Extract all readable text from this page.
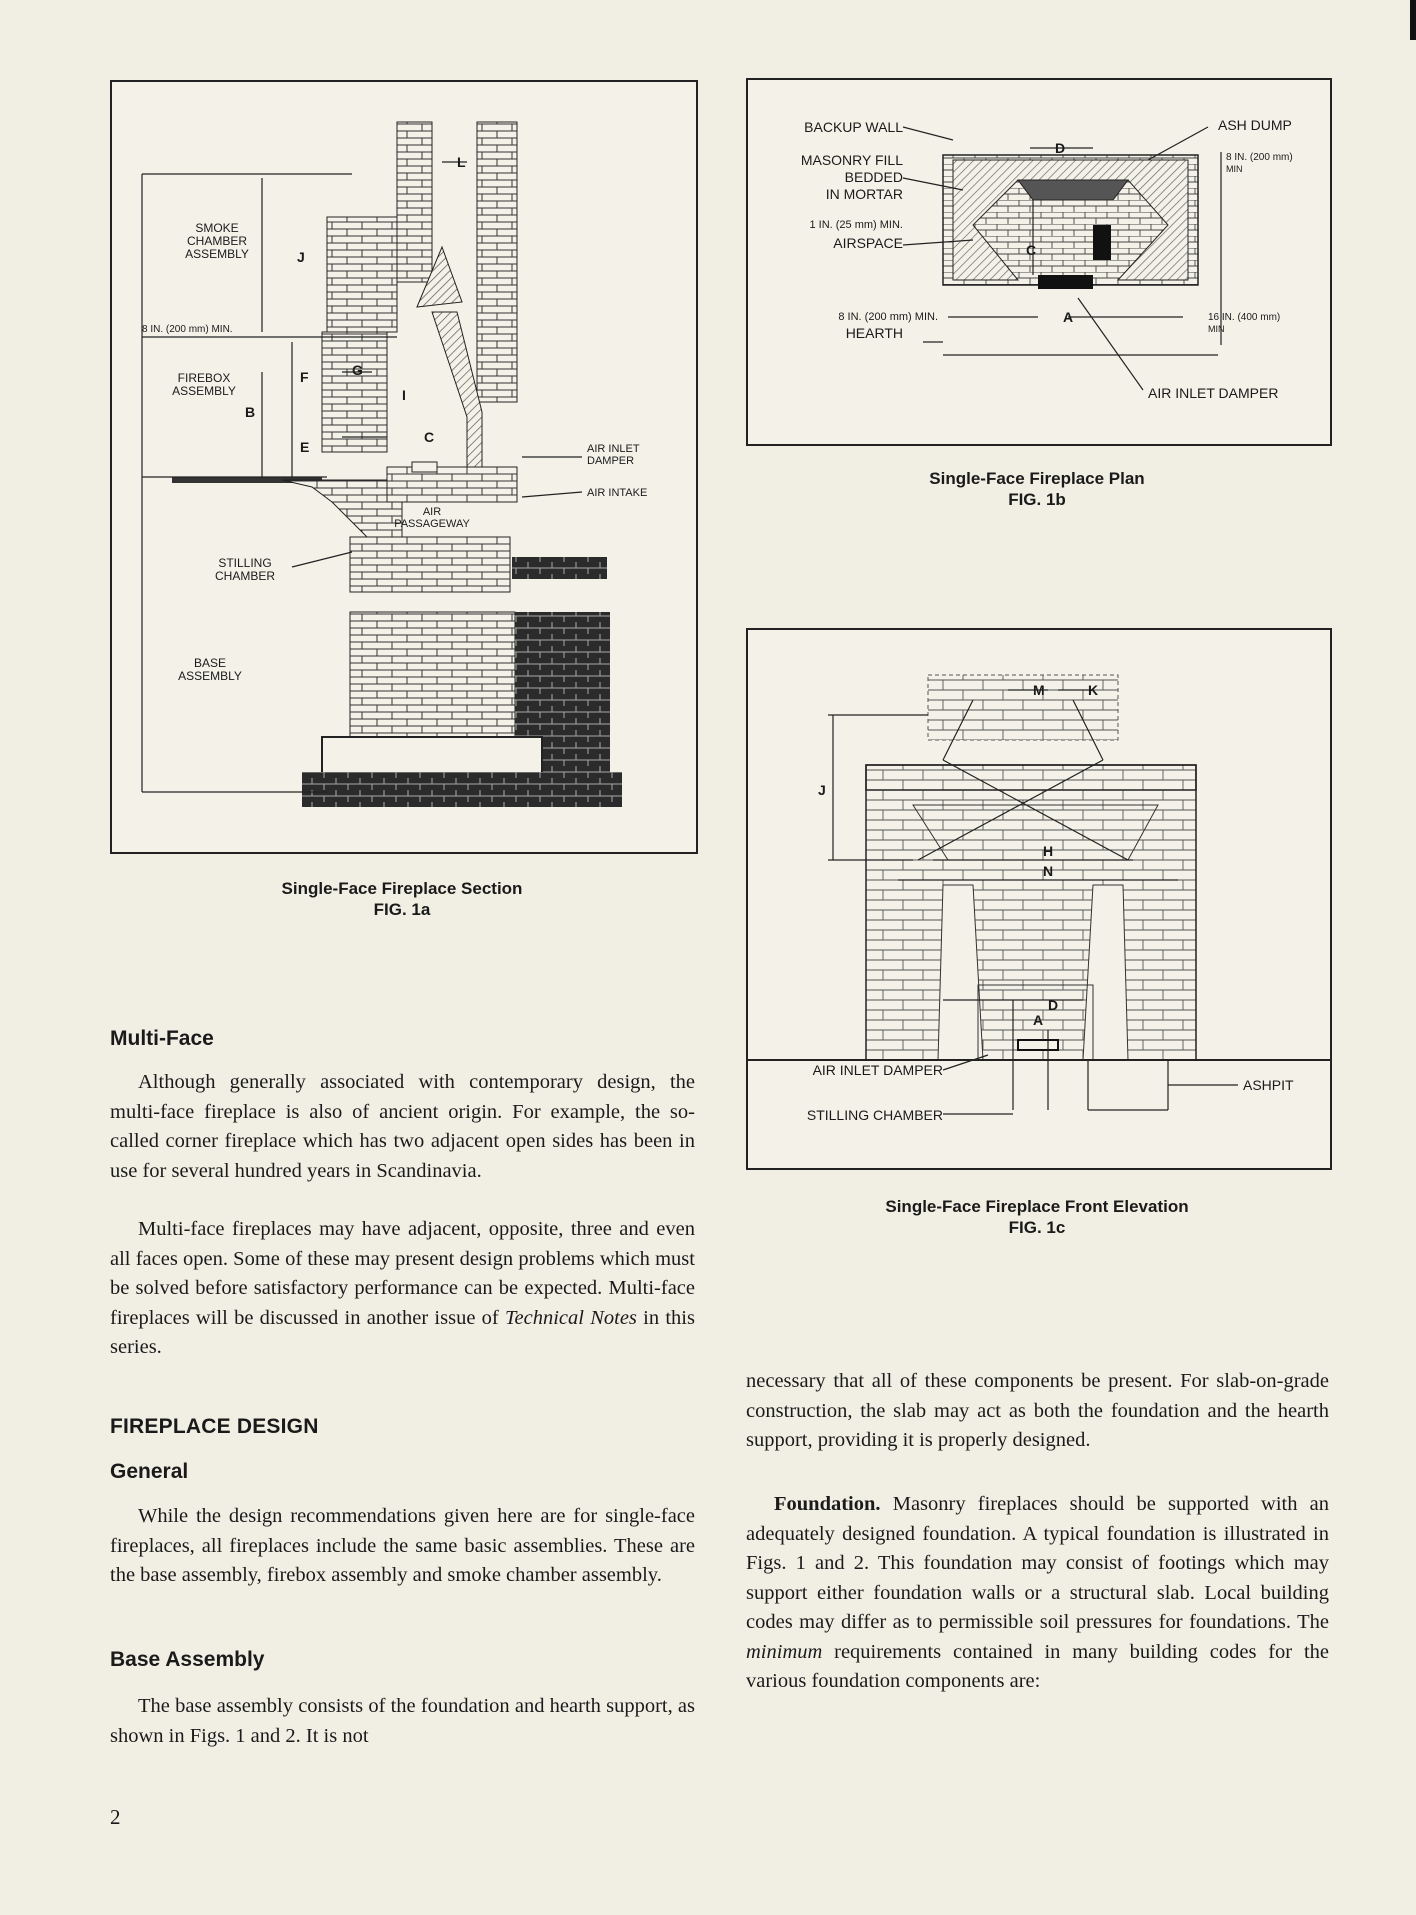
SMOKE
CHAMBER
ASSEMBLY
8 IN. (200 mm) MIN.
FIREBOX
ASSEMBLY
AIR INLET
DAMPER
AIR INTAKE
AIR
PASSAGEWAY
STILLING
CHAMBER
BASE
ASSEMBLY
L
J
G
I
F
B
C
E
Single-Face Fireplace Section
FIG. 1a
BACKUP WALL	ASH DUMP
MASONRY FILL
BEDDED
IN MORTAR
1 IN. (25 mm) MIN.
AIRSPACE
8 IN. (200 mm) MIN.
HEARTH
8 IN. (200 mm)
MIN
16 IN. (400 mm)
MIN
AIR INLET DAMPER
D
C
A
Single-Face Fireplace Plan
FIG. 1b
AIR INLET DAMPER
STILLING CHAMBER
ASHPIT
M	K
J
H
N
D
A
Single-Face Fireplace Front Elevation
FIG. 1c
Multi-Face

Although generally associated with contemporary design, the multi-face fireplace is also of ancient origin. For example, the so-called corner fireplace which has two adjacent open sides has been in use for several hundred years in Scandinavia.

Multi-face fireplaces may have adjacent, opposite, three and even all faces open. Some of these may present design problems which must be solved before satisfactory performance can be expected. Multi-face fireplaces will be discussed in another issue of Technical Notes in this series.

FIREPLACE DESIGN
General

While the design recommendations given here are for single-face fireplaces, all fireplaces include the same basic assemblies. These are the base assembly, firebox assembly and smoke chamber assembly.

Base Assembly

The base assembly consists of the foundation and hearth support, as shown in Figs. 1 and 2. It is not

necessary that all of these components be present. For slab-on-grade construction, the slab may act as both the foundation and the hearth support, providing it is properly designed.

Foundation. Masonry fireplaces should be supported with an adequately designed foundation. A typical foundation is illustrated in Figs. 1 and 2. This foundation may consist of footings which may support either foundation walls or a structural slab. Local building codes may differ as to permissible soil pressures for foundations. The minimum requirements contained in many building codes for the various foundation components are:

2
